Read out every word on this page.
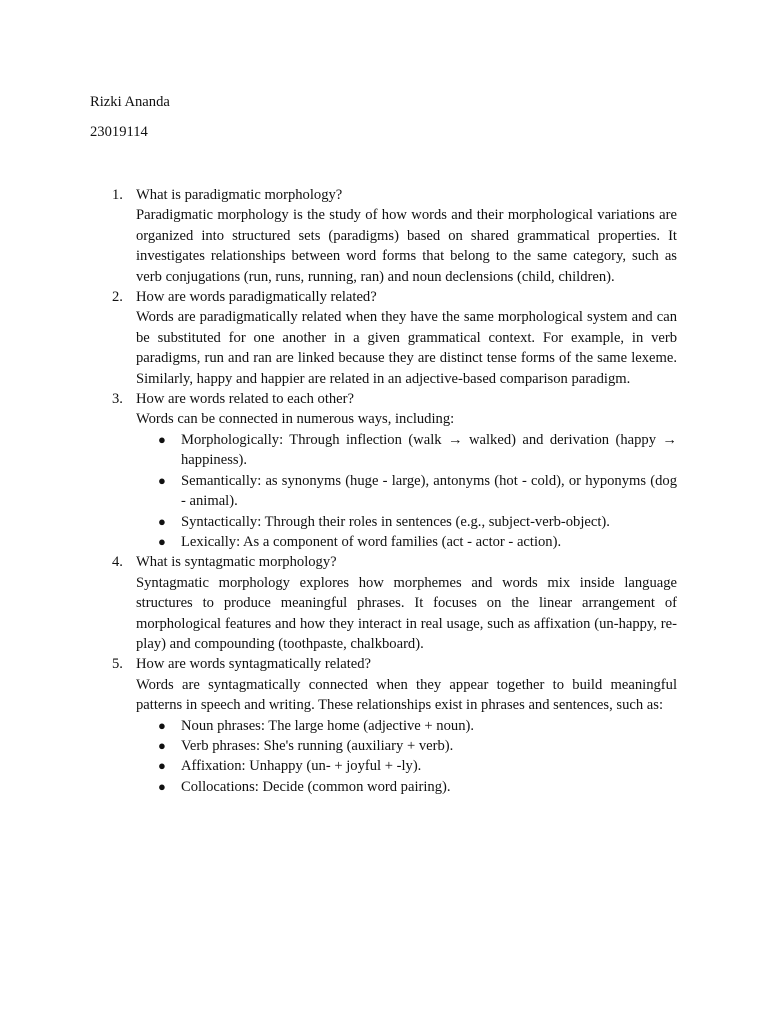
Rizki Ananda
23019114
1. What is paradigmatic morphology?
Paradigmatic morphology is the study of how words and their morphological variations are organized into structured sets (paradigms) based on shared grammatical properties. It investigates relationships between word forms that belong to the same category, such as verb conjugations (run, runs, running, ran) and noun declensions (child, children).
2. How are words paradigmatically related?
Words are paradigmatically related when they have the same morphological system and can be substituted for one another in a given grammatical context. For example, in verb paradigms, run and ran are linked because they are distinct tense forms of the same lexeme. Similarly, happy and happier are related in an adjective-based comparison paradigm.
3. How are words related to each other?
Words can be connected in numerous ways, including:
● Morphologically: Through inflection (walk → walked) and derivation (happy → happiness).
● Semantically: as synonyms (huge - large), antonyms (hot - cold), or hyponyms (dog - animal).
● Syntactically: Through their roles in sentences (e.g., subject-verb-object).
● Lexically: As a component of word families (act - actor - action).
4. What is syntagmatic morphology?
Syntagmatic morphology explores how morphemes and words mix inside language structures to produce meaningful phrases. It focuses on the linear arrangement of morphological features and how they interact in real usage, such as affixation (un-happy, re-play) and compounding (toothpaste, chalkboard).
5. How are words syntagmatically related?
Words are syntagmatically connected when they appear together to build meaningful patterns in speech and writing. These relationships exist in phrases and sentences, such as:
● Noun phrases: The large home (adjective + noun).
● Verb phrases: She's running (auxiliary + verb).
● Affixation: Unhappy (un- + joyful + -ly).
● Collocations: Decide (common word pairing).
